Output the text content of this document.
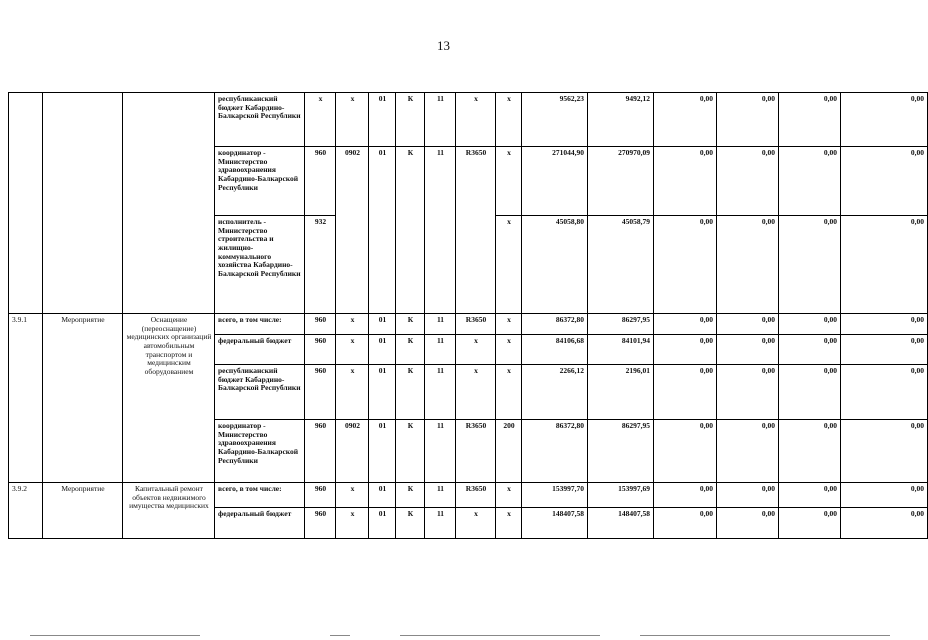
13
			республиканский бюджет Кабардино-Балкарской Республики	x	x	01	К	11	x	x	9562,23	9492,12	0,00	0,00	0,00	0,00
			координатор - Министерство здравоохранения Кабардино-Балкарской Республики	960	0902	01	К	11	R3650	x	271044,90	270970,09	0,00	0,00	0,00	0,00
			исполнитель - Министерство строительства и жилищно-коммунального хозяйства Кабардино-Балкарской Республики	932						x	45058,80	45058,79	0,00	0,00	0,00	0,00
3.9.1	Мероприятие	Оснащение (переоснащение) медицинских организаций автомобильным транспортом и медицинским оборудованием	всего, в том числе:	960	x	01	К	11	R3650	x	86372,80	86297,95	0,00	0,00	0,00	0,00
			федеральный бюджет	960	x	01	К	11	x	x	84106,68	84101,94	0,00	0,00	0,00	0,00
			республиканский бюджет Кабардино-Балкарской Республики	960	x	01	К	11	x	x	2266,12	2196,01	0,00	0,00	0,00	0,00
			координатор - Министерство здравоохранения Кабардино-Балкарской Республики	960	0902	01	К	11	R3650	200	86372,80	86297,95	0,00	0,00	0,00	0,00
3.9.2	Мероприятие	Капитальный ремонт объектов недвижимого имущества медицинских	всего, в том числе:	960	x	01	К	11	R3650	x	153997,70	153997,69	0,00	0,00	0,00	0,00
			федеральный бюджет	960	x	01	К	11	x	x	148407,58	148407,58	0,00	0,00	0,00	0,00
